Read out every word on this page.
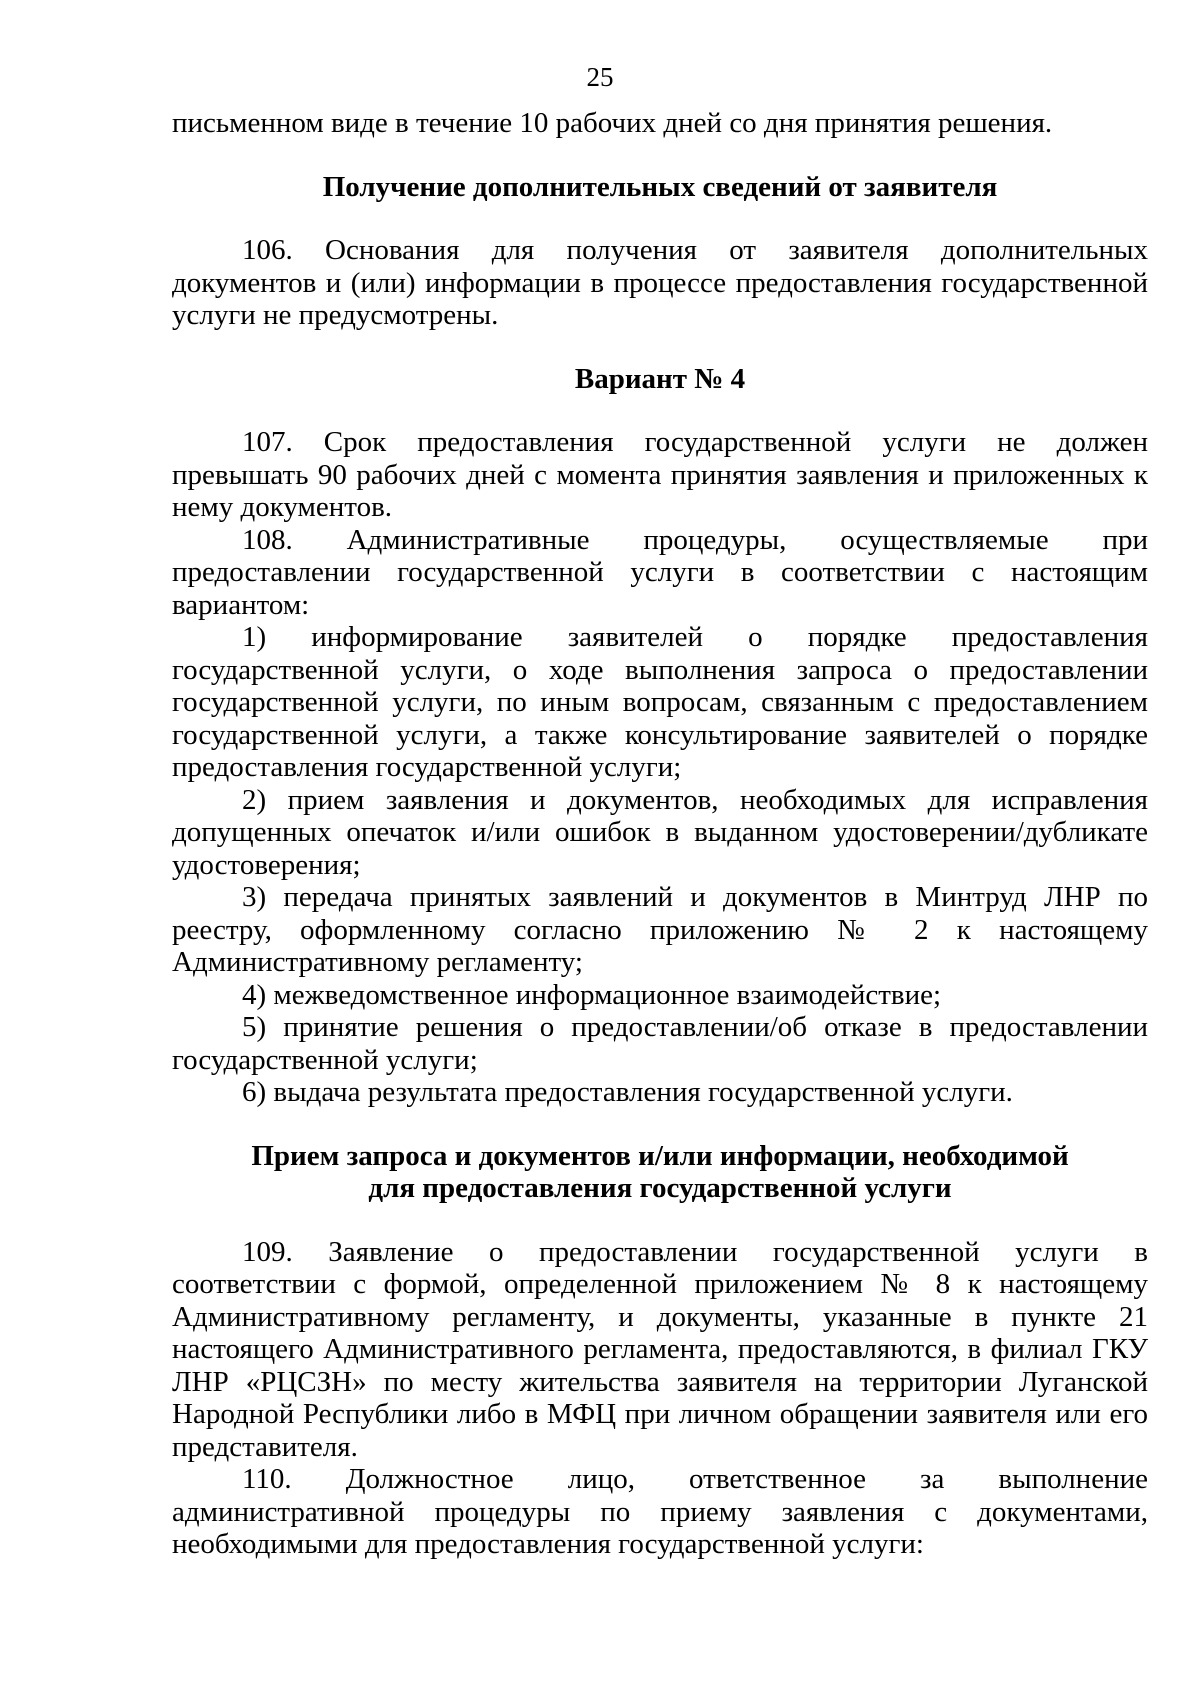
25

письменном виде в течение 10 рабочих дней со дня принятия решения.

Получение дополнительных сведений от заявителя

106. Основания для получения от заявителя дополнительных документов и (или) информации в процессе предоставления государственной услуги не предусмотрены.

Вариант № 4

107. Срок предоставления государственной услуги не должен превышать 90 рабочих дней с момента принятия заявления и приложенных к нему документов.

108. Административные процедуры, осуществляемые при предоставлении государственной услуги в соответствии с настоящим вариантом:

1) информирование заявителей о порядке предоставления государственной услуги, о ходе выполнения запроса о предоставлении государственной услуги, по иным вопросам, связанным с предоставлением государственной услуги, а также консультирование заявителей о порядке предоставления государственной услуги;

2) прием заявления и документов, необходимых для исправления допущенных опечаток и/или ошибок в выданном удостоверении/дубликате удостоверения;

3) передача принятых заявлений и документов в Минтруд ЛНР по реестру, оформленному согласно приложению № 2 к настоящему Административному регламенту;

4) межведомственное информационное взаимодействие;

5) принятие решения о предоставлении/об отказе в предоставлении государственной услуги;

6) выдача результата предоставления государственной услуги.

Прием запроса и документов и/или информации, необходимой

для предоставления государственной услуги

109. Заявление о предоставлении государственной услуги в соответствии с формой, определенной приложением № 8 к настоящему Административному регламенту, и документы, указанные в пункте 21 настоящего Административного регламента, предоставляются, в филиал ГКУ ЛНР «РЦСЗН» по месту жительства заявителя на территории Луганской Народной Республики либо в МФЦ при личном обращении заявителя или его представителя.

110. Должностное лицо, ответственное за выполнение административной процедуры по приему заявления с документами, необходимыми для предоставления государственной услуги:
